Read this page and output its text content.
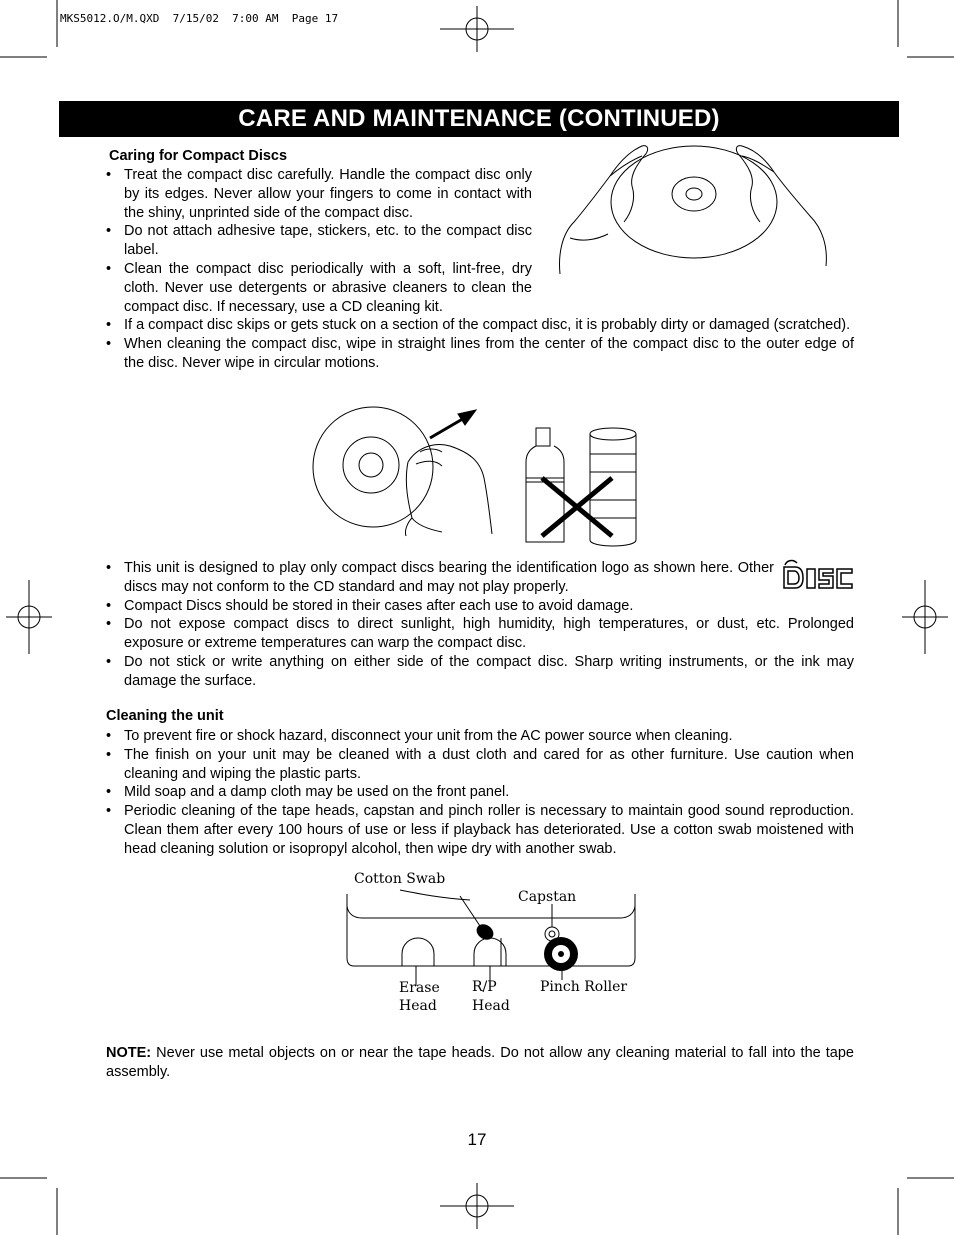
MKS5012.O/M.QXD  7/15/02  7:00 AM  Page 17
CARE AND MAINTENANCE (CONTINUED)
Caring for Compact Discs
• Treat the compact disc carefully. Handle the compact disc only by its edges. Never allow your fingers to come in contact with the shiny, unprinted side of the compact disc.
• Do not attach adhesive tape, stickers, etc. to the compact disc label.
• Clean the compact disc periodically with a soft, lint-free, dry cloth. Never use detergents or abrasive cleaners to clean the compact disc. If necessary, use a CD cleaning kit.
• If a compact disc skips or gets stuck on a section of the compact disc, it is probably dirty or damaged (scratched).
• When cleaning the compact disc, wipe in straight lines from the center of the compact disc to the outer edge of the disc. Never wipe in circular motions.
• This unit is designed to play only compact discs bearing the identification logo as shown here. Other discs may not conform to the CD standard and may not play properly.
• Compact Discs should be stored in their cases after each use to avoid damage.
• Do not expose compact discs to direct sunlight, high humidity, high temperatures, or dust, etc. Prolonged exposure or extreme temperatures can warp the compact disc.
• Do not stick or write anything on either side of the compact disc. Sharp writing instruments, or the ink may damage the surface.
DISC
Cleaning the unit
• To prevent fire or shock hazard, disconnect your unit from the AC power source when cleaning.
• The finish on your unit may be cleaned with a dust cloth and cared for as other furniture. Use caution when cleaning and wiping the plastic parts.
• Mild soap and a damp cloth may be used on the front panel.
• Periodic cleaning of the tape heads, capstan and pinch roller is necessary to maintain good sound reproduction. Clean them after every 100 hours of use or less if playback has deteriorated. Use a cotton swab moistened with head cleaning solution or isopropyl alcohol, then wipe dry with another swab.
Cotton Swab
Capstan
Erase
Head
R/P
Head
Pinch Roller
NOTE: Never use metal objects on or near the tape heads. Do not allow any cleaning material to fall into the tape assembly.
17
